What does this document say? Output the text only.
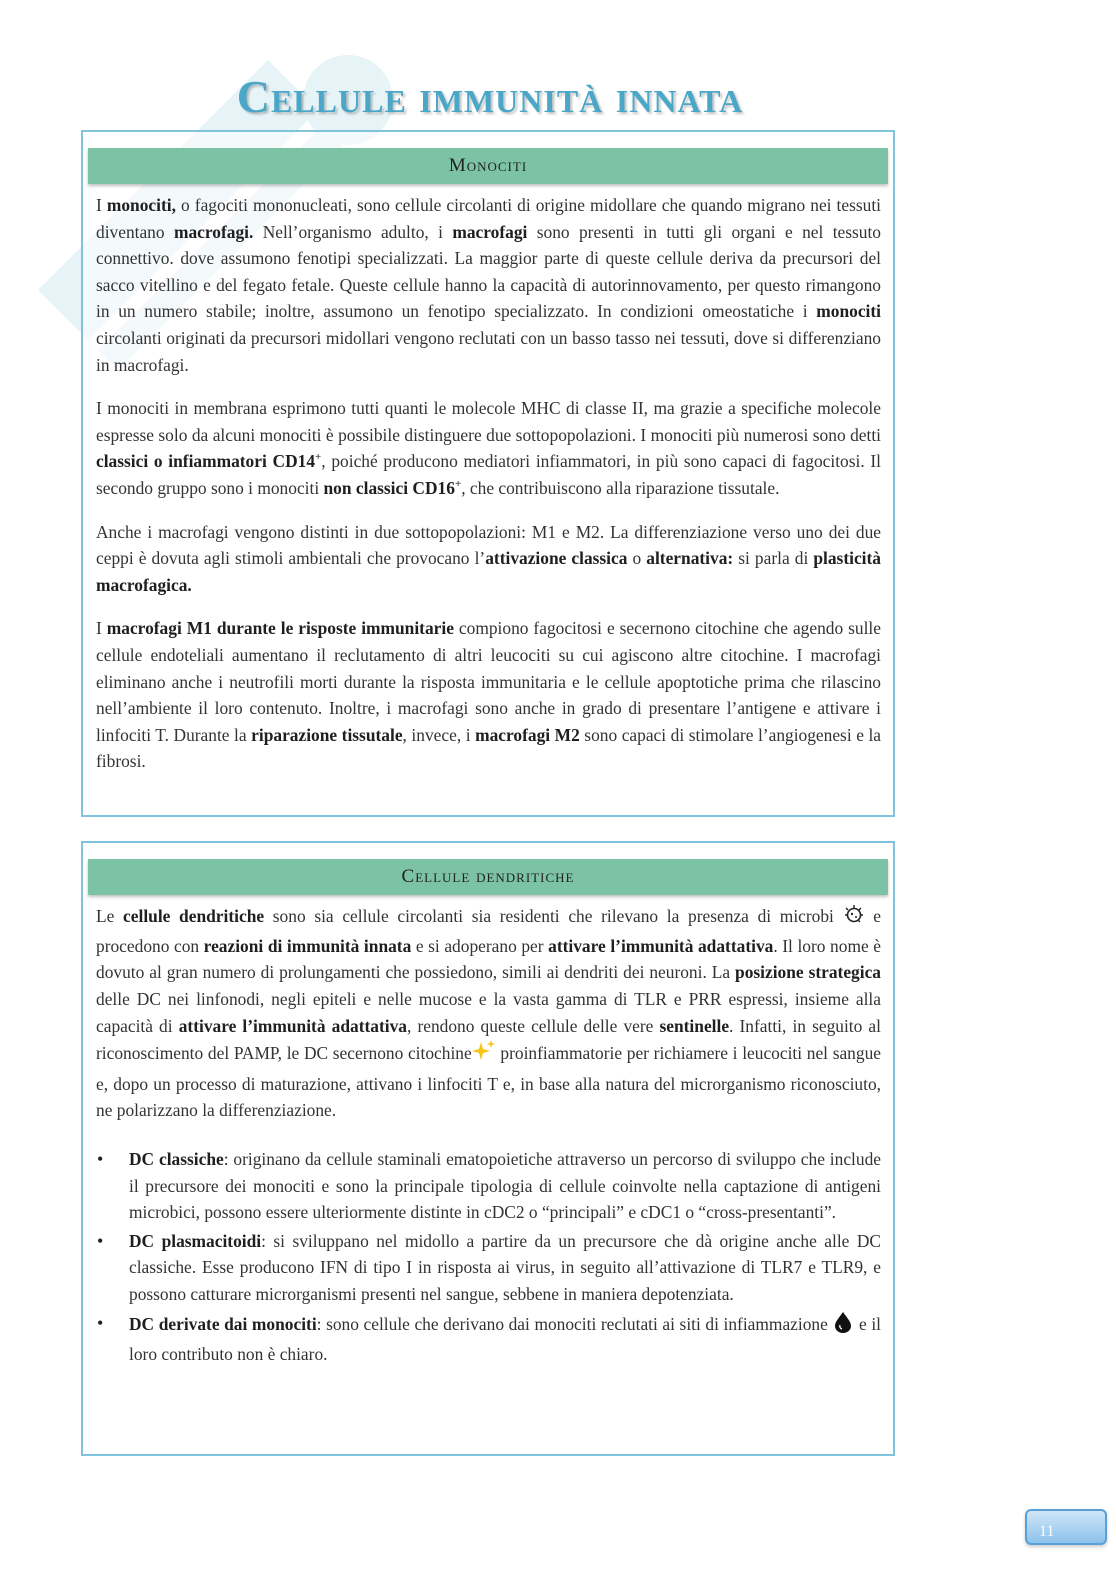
Cellule immunità innata
Monociti

I monociti, o fagociti mononucleati, sono cellule circolanti di origine midollare che quando migrano nei tessuti diventano macrofagi. Nell’organismo adulto, i macrofagi sono presenti in tutti gli organi e nel tessuto connettivo. dove assumono fenotipi specializzati. La maggior parte di queste cellule deriva da precursori del sacco vitellino e del fegato fetale. Queste cellule hanno la capacità di autorinnovamento, per questo rimangono in un numero stabile; inoltre, assumono un fenotipo specializzato. In condizioni omeostatiche i monociti circolanti originati da precursori midollari vengono reclutati con un basso tasso nei tessuti, dove si differenziano in macrofagi.

I monociti in membrana esprimono tutti quanti le molecole MHC di classe II, ma grazie a specifiche molecole espresse solo da alcuni monociti è possibile distinguere due sottopopolazioni. I monociti più numerosi sono detti classici o infiammatori CD14+, poiché producono mediatori infiammatori, in più sono capaci di fagocitosi. Il secondo gruppo sono i monociti non classici CD16+, che contribuiscono alla riparazione tissutale.

Anche i macrofagi vengono distinti in due sottopopolazioni: M1 e M2. La differenziazione verso uno dei due ceppi è dovuta agli stimoli ambientali che provocano l’attivazione classica o alternativa: si parla di plasticità macrofagica.

I macrofagi M1 durante le risposte immunitarie compiono fagocitosi e secernono citochine che agendo sulle cellule endoteliali aumentano il reclutamento di altri leucociti su cui agiscono altre citochine. I macrofagi eliminano anche i neutrofili morti durante la risposta immunitaria e le cellule apoptotiche prima che rilascino nell’ambiente il loro contenuto. Inoltre, i macrofagi sono anche in grado di presentare l’antigene e attivare i linfociti T. Durante la riparazione tissutale, invece, i macrofagi M2 sono capaci di stimolare l’angiogenesi e la fibrosi.

Cellule dendritiche

Le cellule dendritiche sono sia cellule circolanti sia residenti che rilevano la presenza di microbi  e procedono con reazioni di immunità innata e si adoperano per attivare l’immunità adattativa. Il loro nome è dovuto al gran numero di prolungamenti che possiedono, simili ai dendriti dei neuroni. La posizione strategica delle DC nei linfonodi, negli epiteli e nelle mucose e la vasta gamma di TLR e PRR espressi, insieme alla capacità di attivare l’immunità adattativa, rendono queste cellule delle vere sentinelle. Infatti, in seguito al riconoscimento del PAMP, le DC secernono citochine proinfiammatorie per richiamere i leucociti nel sangue e, dopo un processo di maturazione, attivano i linfociti T e, in base alla natura del microrganismo riconosciuto, ne polarizzano la differenziazione.

• DC classiche: originano da cellule staminali ematopoietiche attraverso un percorso di sviluppo che include il precursore dei monociti e sono la principale tipologia di cellule coinvolte nella captazione di antigeni microbici, possono essere ulteriormente distinte in cDC2 o “principali” e cDC1 o “cross-presentanti”.
• DC plasmacitoidi: si sviluppano nel midollo a partire da un precursore che dà origine anche alle DC classiche. Esse producono IFN di tipo I in risposta ai virus, in seguito all’attivazione di TLR7 e TLR9, e possono catturare microrganismi presenti nel sangue, sebbene in maniera depotenziata.
• DC derivate dai monociti: sono cellule che derivano dai monociti reclutati ai siti di infiammazione  e il loro contributo non è chiaro.
11
